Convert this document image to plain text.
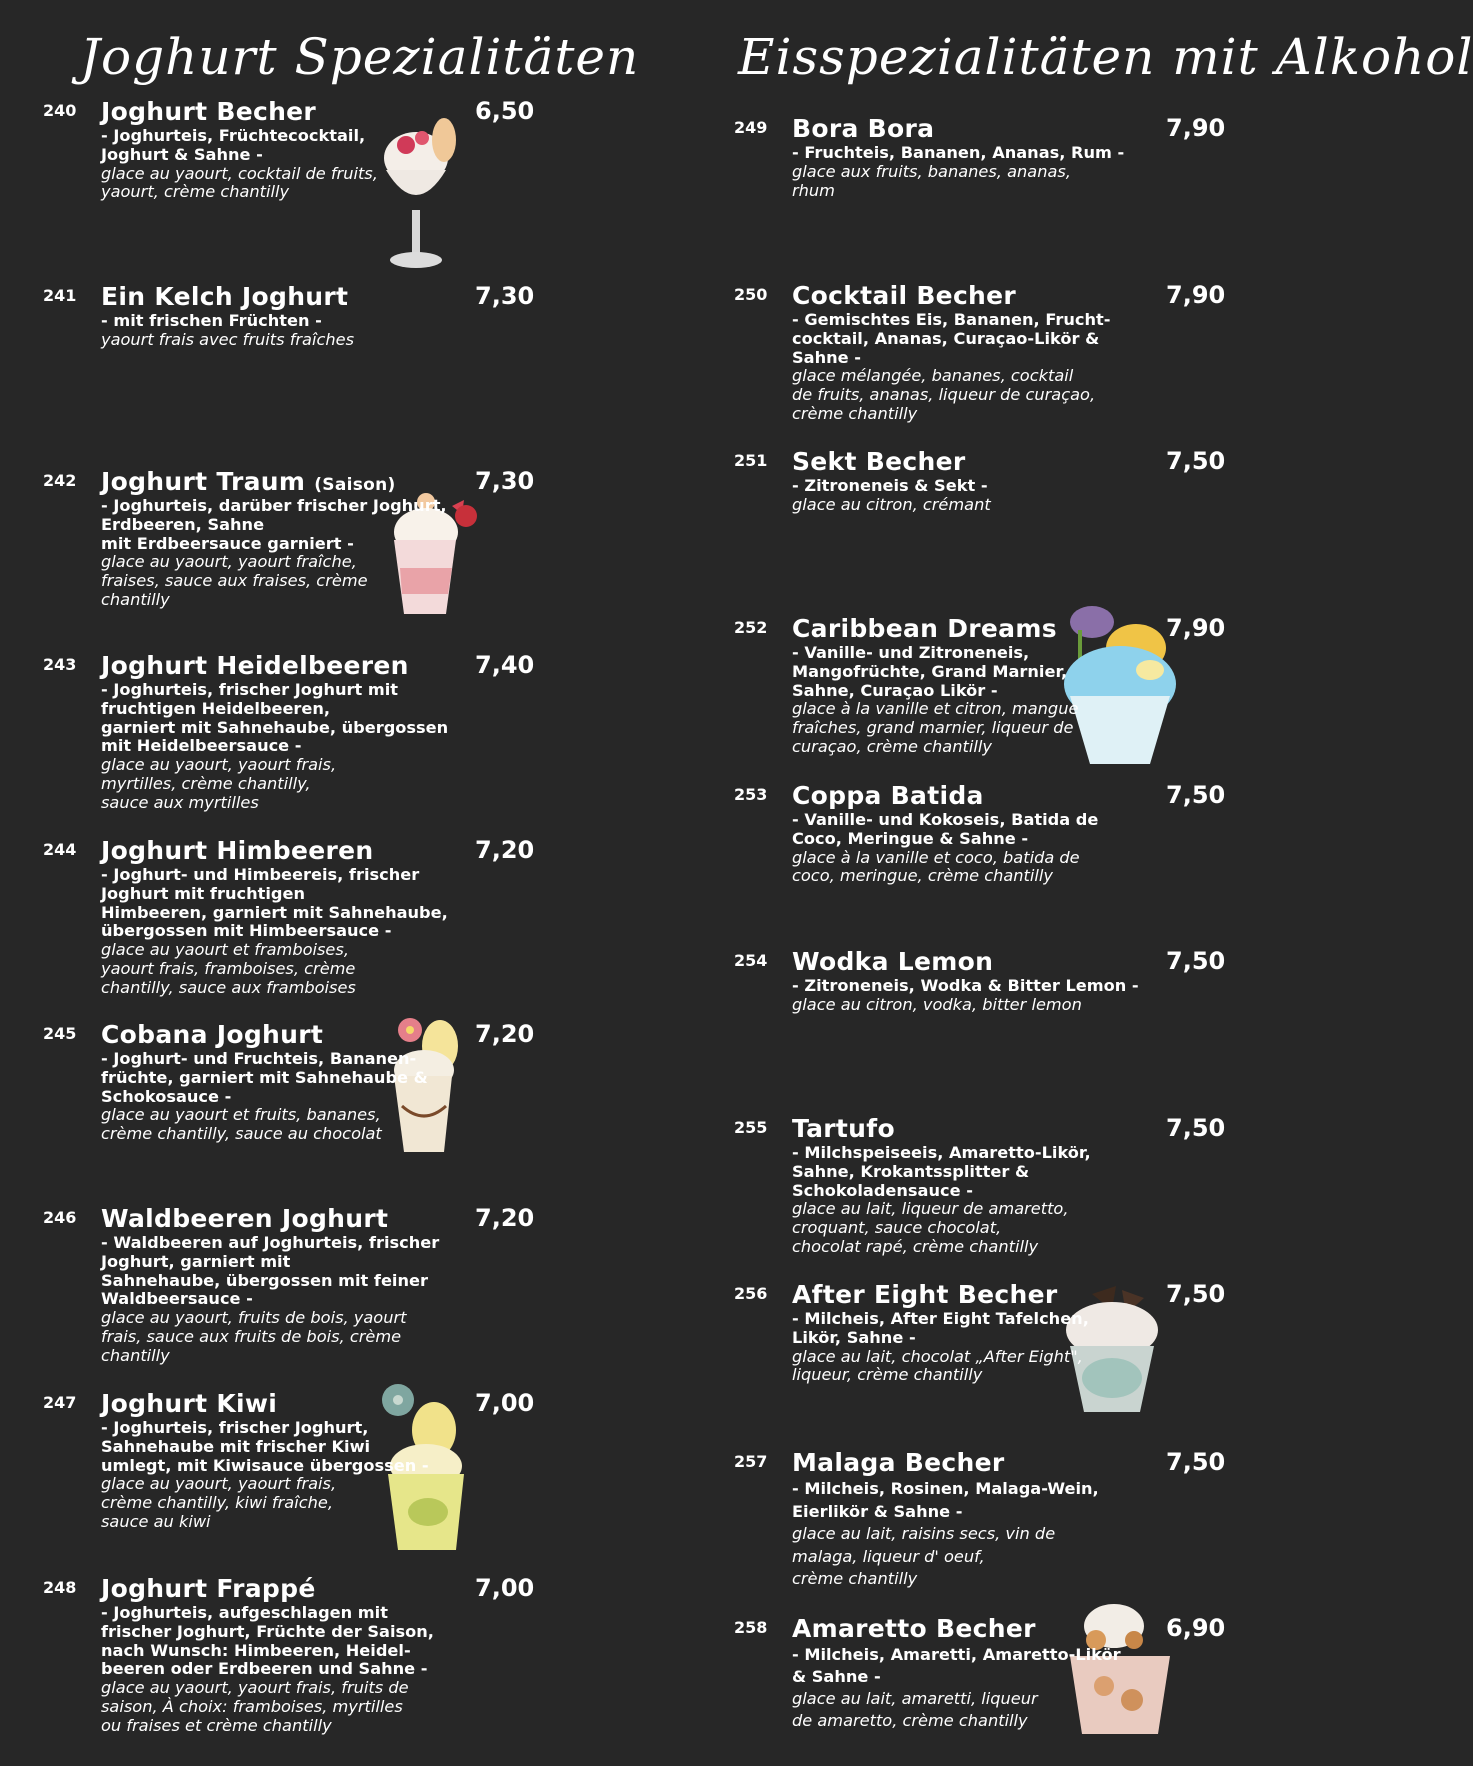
Joghurt Spezialitäten Eisspezialitäten mit Alkohol
240 Joghurt Becher	6,50
- Joghurteis, Früchtecocktail,
Joghurt & Sahne -
glace au yaourt, cocktail de fruits,
yaourt, crème chantilly
241 Ein Kelch Joghurt	7,30
- mit frischen Früchten -
yaourt frais avec fruits fraîches
242 Joghurt Traum (Saison)	7,30
- Joghurteis, darüber frischer Joghurt,
Erdbeeren, Sahne
mit Erdbeersauce garniert -
glace au yaourt, yaourt fraîche,
fraises, sauce aux fraises, crème
chantilly
243 Joghurt Heidelbeeren	7,40
- Joghurteis, frischer Joghurt mit
fruchtigen Heidelbeeren,
garniert mit Sahnehaube, übergossen
mit Heidelbeersauce -
glace au yaourt, yaourt frais,
myrtilles, crème chantilly,
sauce aux myrtilles
244 Joghurt Himbeeren	7,20
- Joghurt- und Himbeereis, frischer
Joghurt mit fruchtigen
Himbeeren, garniert mit Sahnehaube,
übergossen mit Himbeersauce -
glace au yaourt et framboises,
yaourt frais, framboises, crème
chantilly, sauce aux framboises
245 Cobana Joghurt	7,20
- Joghurt- und Fruchteis, Bananen-
früchte, garniert mit Sahnehaube &
Schokosauce -
glace au yaourt et fruits, bananes,
crème chantilly, sauce au chocolat
246 Waldbeeren Joghurt	7,20
- Waldbeeren auf Joghurteis, frischer
Joghurt, garniert mit
Sahnehaube, übergossen mit feiner
Waldbeersauce -
glace au yaourt, fruits de bois, yaourt
frais, sauce aux fruits de bois, crème
chantilly
247 Joghurt Kiwi	7,00
- Joghurteis, frischer Joghurt,
Sahnehaube mit frischer Kiwi
umlegt, mit Kiwisauce übergossen -
glace au yaourt, yaourt frais,
crème chantilly, kiwi fraîche,
sauce au kiwi
248 Joghurt Frappé	7,00
- Joghurteis, aufgeschlagen mit
frischer Joghurt, Früchte der Saison,
nach Wunsch: Himbeeren, Heidel-
beeren oder Erdbeeren und Sahne -
glace au yaourt, yaourt frais, fruits de
saison, À choix: framboises, myrtilles
ou fraises et crème chantilly
249 Bora Bora	7,90
- Fruchteis, Bananen, Ananas, Rum -
glace aux fruits, bananes, ananas,
rhum
250 Cocktail Becher	7,90
- Gemischtes Eis, Bananen, Frucht-
cocktail, Ananas, Curaçao-Likör &
Sahne -
glace mélangée, bananes, cocktail
de fruits, ananas, liqueur de curaçao,
crème chantilly
251 Sekt Becher	7,50
- Zitroneneis & Sekt -
glace au citron, crémant
252 Caribbean Dreams	7,90
- Vanille- und Zitroneneis,
Mangofrüchte, Grand Marnier,
Sahne, Curaçao Likör -
glace à la vanille et citron, mangue
fraîches, grand marnier, liqueur de
curaçao, crème chantilly
253 Coppa Batida	7,50
- Vanille- und Kokoseis, Batida de
Coco, Meringue & Sahne -
glace à la vanille et coco, batida de
coco, meringue, crème chantilly
254 Wodka Lemon	7,50
- Zitroneneis, Wodka & Bitter Lemon -
glace au citron, vodka, bitter lemon
255 Tartufo	7,50
- Milchspeiseeis, Amaretto-Likör,
Sahne, Krokantssplitter &
Schokoladensauce -
glace au lait, liqueur de amaretto,
croquant, sauce chocolat,
chocolat rapé, crème chantilly
256 After Eight Becher	7,50
- Milcheis, After Eight Tafelchen,
Likör, Sahne -
glace au lait, chocolat „After Eight",
liqueur, crème chantilly
257 Malaga Becher	7,50
- Milcheis, Rosinen, Malaga-Wein,
Eierlikör & Sahne -
glace au lait, raisins secs, vin de
malaga, liqueur d' oeuf,
crème chantilly
258 Amaretto Becher	6,90
- Milcheis, Amaretti, Amaretto-Likör
& Sahne -
glace au lait, amaretti, liqueur
de amaretto, crème chantilly
